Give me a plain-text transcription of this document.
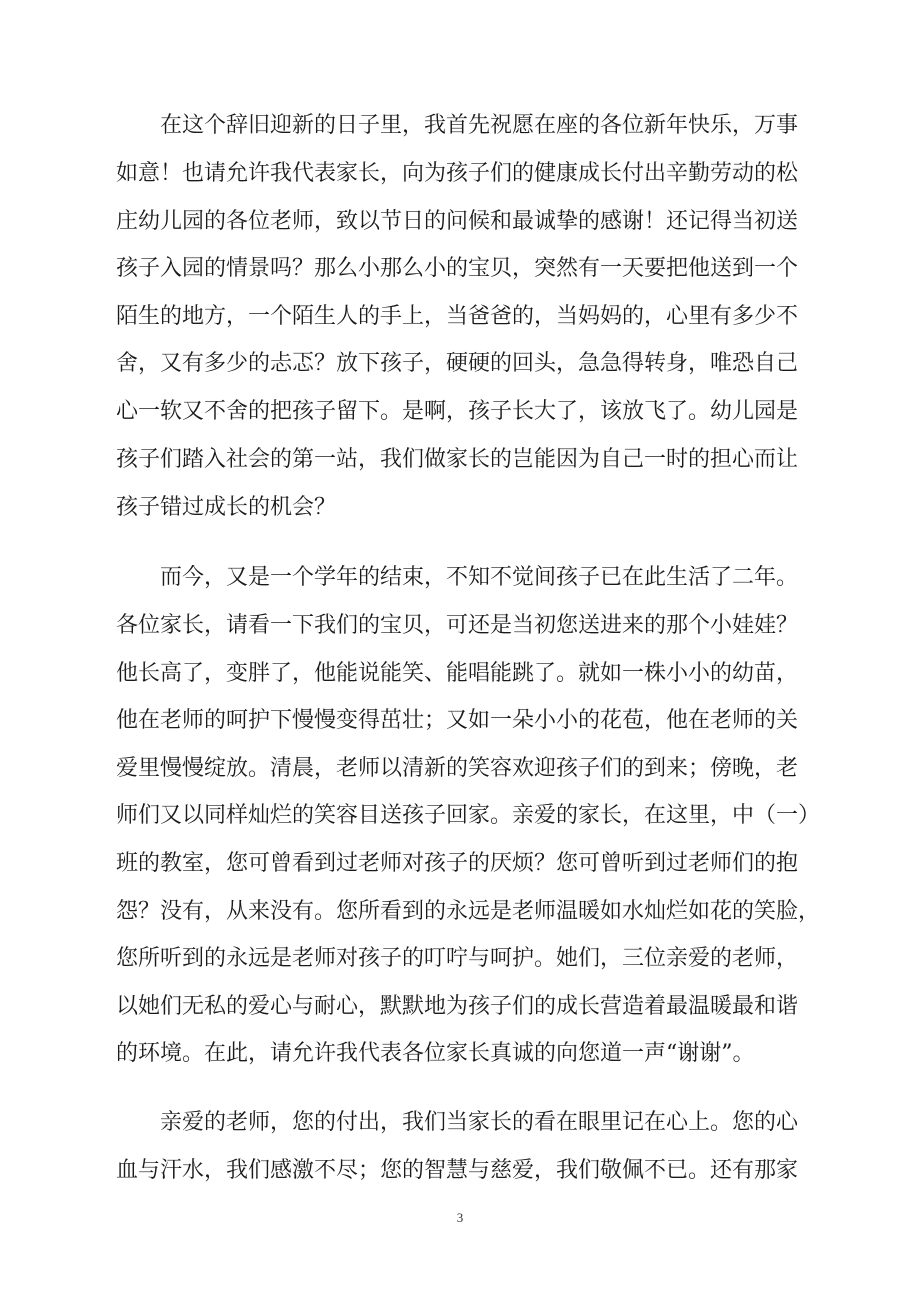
在这个辞旧迎新的日子里，我首先祝愿在座的各位新年快乐，万事

如意！也请允许我代表家长，向为孩子们的健康成长付出辛勤劳动的松

庄幼儿园的各位老师，致以节日的问候和最诚挚的感谢！还记得当初送

孩子入园的情景吗？那么小那么小的宝贝，突然有一天要把他送到一个

陌生的地方，一个陌生人的手上，当爸爸的，当妈妈的，心里有多少不

舍，又有多少的忐忑？放下孩子，硬硬的回头，急急得转身，唯恐自己

心一软又不舍的把孩子留下。是啊，孩子长大了，该放飞了。幼儿园是

孩子们踏入社会的第一站，我们做家长的岂能因为自己一时的担心而让

孩子错过成长的机会？

而今，又是一个学年的结束，不知不觉间孩子已在此生活了二年。

各位家长，请看一下我们的宝贝，可还是当初您送进来的那个小娃娃？

他长高了，变胖了，他能说能笑、能唱能跳了。就如一株小小的幼苗，

他在老师的呵护下慢慢变得茁壮；又如一朵小小的花苞，他在老师的关

爱里慢慢绽放。清晨，老师以清新的笑容欢迎孩子们的到来；傍晚，老

师们又以同样灿烂的笑容目送孩子回家。亲爱的家长，在这里，中（一）

班的教室，您可曾看到过老师对孩子的厌烦？您可曾听到过老师们的抱

怨？没有，从来没有。您所看到的永远是老师温暖如水灿烂如花的笑脸，

您所听到的永远是老师对孩子的叮咛与呵护。她们，三位亲爱的老师，

以她们无私的爱心与耐心，默默地为孩子们的成长营造着最温暖最和谐

的环境。在此，请允许我代表各位家长真诚的向您道一声“谢谢”。

亲爱的老师，您的付出，我们当家长的看在眼里记在心上。您的心

血与汗水，我们感激不尽；您的智慧与慈爱，我们敬佩不已。还有那家

3
